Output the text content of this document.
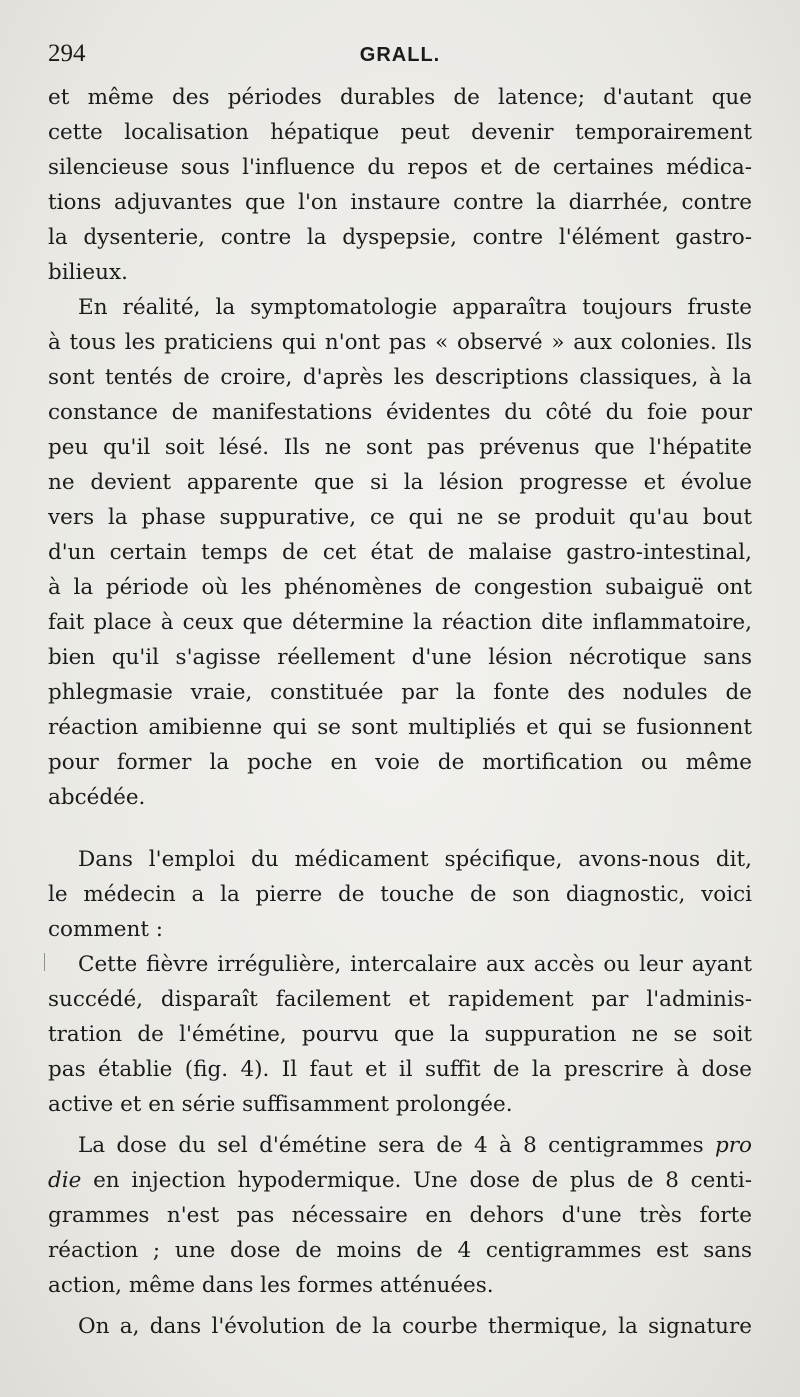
294	GRALL.
et même des périodes durables de latence; d'autant que
cette localisation hépatique peut devenir temporairement
silencieuse sous l'influence du repos et de certaines médica-
tions adjuvantes que l'on instaure contre la diarrhée, contre
la dysenterie, contre la dyspepsie, contre l'élément gastro-
bilieux.
En réalité, la symptomatologie apparaîtra toujours fruste
à tous les praticiens qui n'ont pas « observé » aux colonies. Ils
sont tentés de croire, d'après les descriptions classiques, à la
constance de manifestations évidentes du côté du foie pour
peu qu'il soit lésé. Ils ne sont pas prévenus que l'hépatite
ne devient apparente que si la lésion progresse et évolue
vers la phase suppurative, ce qui ne se produit qu'au bout
d'un certain temps de cet état de malaise gastro-intestinal,
à la période où les phénomènes de congestion subaiguë ont
fait place à ceux que détermine la réaction dite inflammatoire,
bien qu'il s'agisse réellement d'une lésion nécrotique sans
phlegmasie vraie, constituée par la fonte des nodules de
réaction amibienne qui se sont multipliés et qui se fusionnent
pour former la poche en voie de mortification ou même
abcédée.
Dans l'emploi du médicament spécifique, avons-nous dit,
le médecin a la pierre de touche de son diagnostic, voici
comment :
Cette fièvre irrégulière, intercalaire aux accès ou leur ayant
succédé, disparaît facilement et rapidement par l'adminis-
tration de l'émétine, pourvu que la suppuration ne se soit
pas établie (fig. 4). Il faut et il suffit de la prescrire à dose
active et en série suffisamment prolongée.
La dose du sel d'émétine sera de 4 à 8 centigrammes pro
die en injection hypodermique. Une dose de plus de 8 centi-
grammes n'est pas nécessaire en dehors d'une très forte
réaction ; une dose de moins de 4 centigrammes est sans
action, même dans les formes atténuées.
On a, dans l'évolution de la courbe thermique, la signature
